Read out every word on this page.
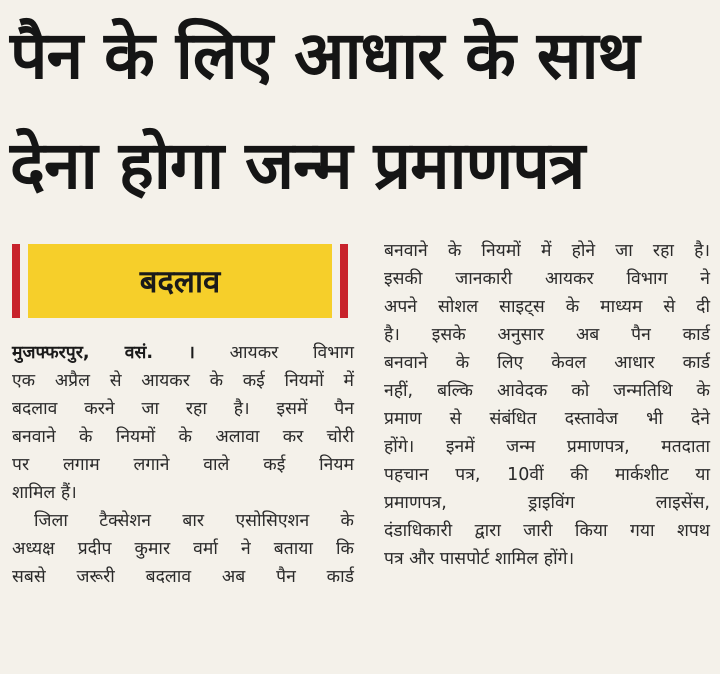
पैन के लिए आधार के साथ
देना होगा जन्म प्रमाणपत्र
बदलाव
मुजफ्फरपुर, वसं. । आयकर विभाग
एक अप्रैल से आयकर के कई नियमों में
बदलाव करने जा रहा है। इसमें पैन
बनवाने के नियमों के अलावा कर चोरी
पर लगाम लगाने वाले कई नियम
शामिल हैं।
जिला टैक्सेशन बार एसोसिएशन के
अध्यक्ष प्रदीप कुमार वर्मा ने बताया कि
सबसे जरूरी बदलाव अब पैन कार्ड
बनवाने के नियमों में होने जा रहा है।
इसकी जानकारी आयकर विभाग ने
अपने सोशल साइट्स के माध्यम से दी
है। इसके अनुसार अब पैन कार्ड
बनवाने के लिए केवल आधार कार्ड
नहीं, बल्कि आवेदक को जन्मतिथि के
प्रमाण से संबंधित दस्तावेज भी देने
होंगे। इनमें जन्म प्रमाणपत्र, मतदाता
पहचान पत्र, 10वीं की मार्कशीट या
प्रमाणपत्र, ड्राइविंग लाइसेंस,
दंडाधिकारी द्वारा जारी किया गया शपथ
पत्र और पासपोर्ट शामिल होंगे।
